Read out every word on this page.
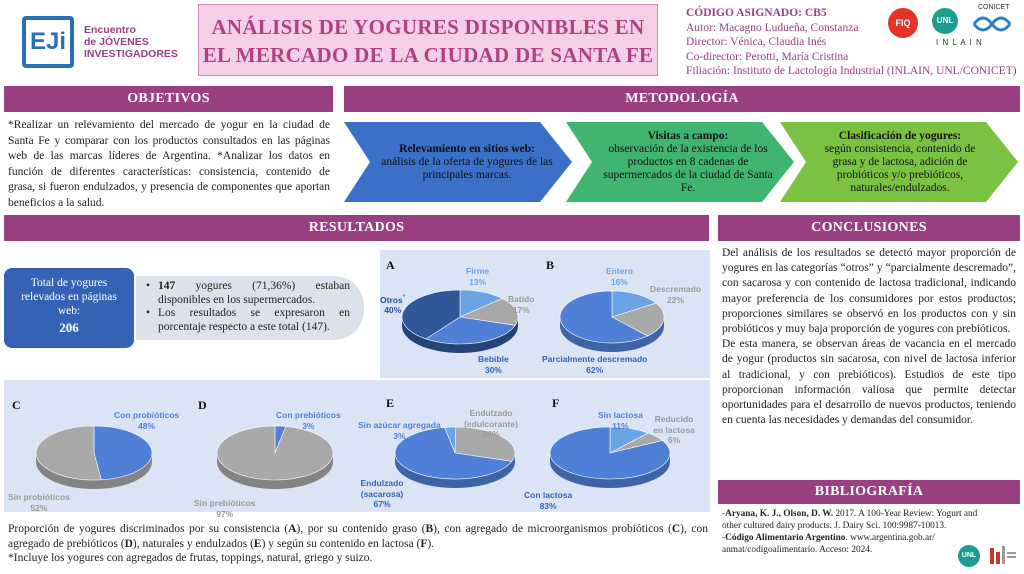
EJi	Encuentro
de JÓVENES
INVESTIGADORES
ANÁLISIS DE YOGURES DISPONIBLES EN
EL MERCADO DE LA CIUDAD DE SANTA FE
CÓDIGO ASIGNADO: CB5
Autor: Macagno Ludueña, Constanza
Director: Vénica, Claudia Inés
Co-director: Perotti, María Cristina
Filiación: Instituto de Lactología Industrial (INLAIN, UNL/CONICET)
FIQ	UNL
CONICET
I N L A I N
OBJETIVOS
*Realizar un relevamiento del mercado de yogur en la ciudad de Santa Fe y comparar con los productos consultados en las páginas web de las marcas líderes de Argentina. *Analizar los datos en función de diferentes características: consistencia, contenido de grasa, si fueron endulzados, y presencia de componentes que aportan beneficios a la salud.
METODOLOGÍA
Relevamiento en sitios web:
análisis de la oferta de yogures de las principales marcas.
Visitas a campo:
observación de la existencia de los productos en 8 cadenas de supermercados de la ciudad de Santa Fe.
Clasificación de yogures:
según consistencia, contenido de grasa y de lactosa, adición de probióticos y/o prebióticos, naturales/endulzados.
RESULTADOS
Total de yogures relevados en páginas web:
206
• 147 yogures (71,36%) estaban disponibles en los supermercados.
• Los resultados se expresaron en porcentaje respecto a este total (147).
A	B
C	D	E	F
Firme
13%
Batido
17%
Bebible
30%
Otros*
40%
Entero
16%
Descremado
22%
Parcialmente descremado
62%
Con probióticos
48%
Sin probióticos
52%
Con prebióticos
3%
Sin prebióticos
97%
Sin azúcar agregada
3%
Endulzado (edulcorante)
30%
Endulzado (sacarosa)
67%
Sin lactosa
11%
Reducido en lactosa
6%
Con lactosa
83%
Proporción de yogures discriminados por su consistencia (A), por su contenido graso (B), con agregado de microorganismos probióticos (C), con agregado de prebióticos (D), naturales y endulzados (E) y según su contenido en lactosa (F).
*Incluye los yogures con agregados de frutas, toppings, natural, griego y suizo.
CONCLUSIONES
Del análisis de los resultados se detectó mayor proporción de yogures en las categorías “otros” y “parcialmente descremado”, con sacarosa y con contenido de lactosa tradicional, indicando mayor preferencia de los consumidores por estos productos; proporciones similares se observó en los productos con y sin probióticos y muy baja proporción de yogures con prebióticos.
De esta manera, se observan áreas de vacancia en el mercado de yogur (productos sin sacarosa, con nivel de lactosa inferior al tradicional, y con prebióticos). Estudios de este tipo proporcionan información valiosa que permite detectar oportunidades para el desarrollo de nuevos productos, teniendo en cuenta las necesidades y demandas del consumidor.
BIBLIOGRAFÍA
-Aryana, K. J., Olson, D. W. 2017. A 100-Year Review: Yogurt and other cultured dairy products. J. Dairy Sci. 100:9987-10013.
-Código Alimentario Argentino. www.argentina.gob.ar/ anmat/codigoalimentario. Acceso: 2024.
UNL
